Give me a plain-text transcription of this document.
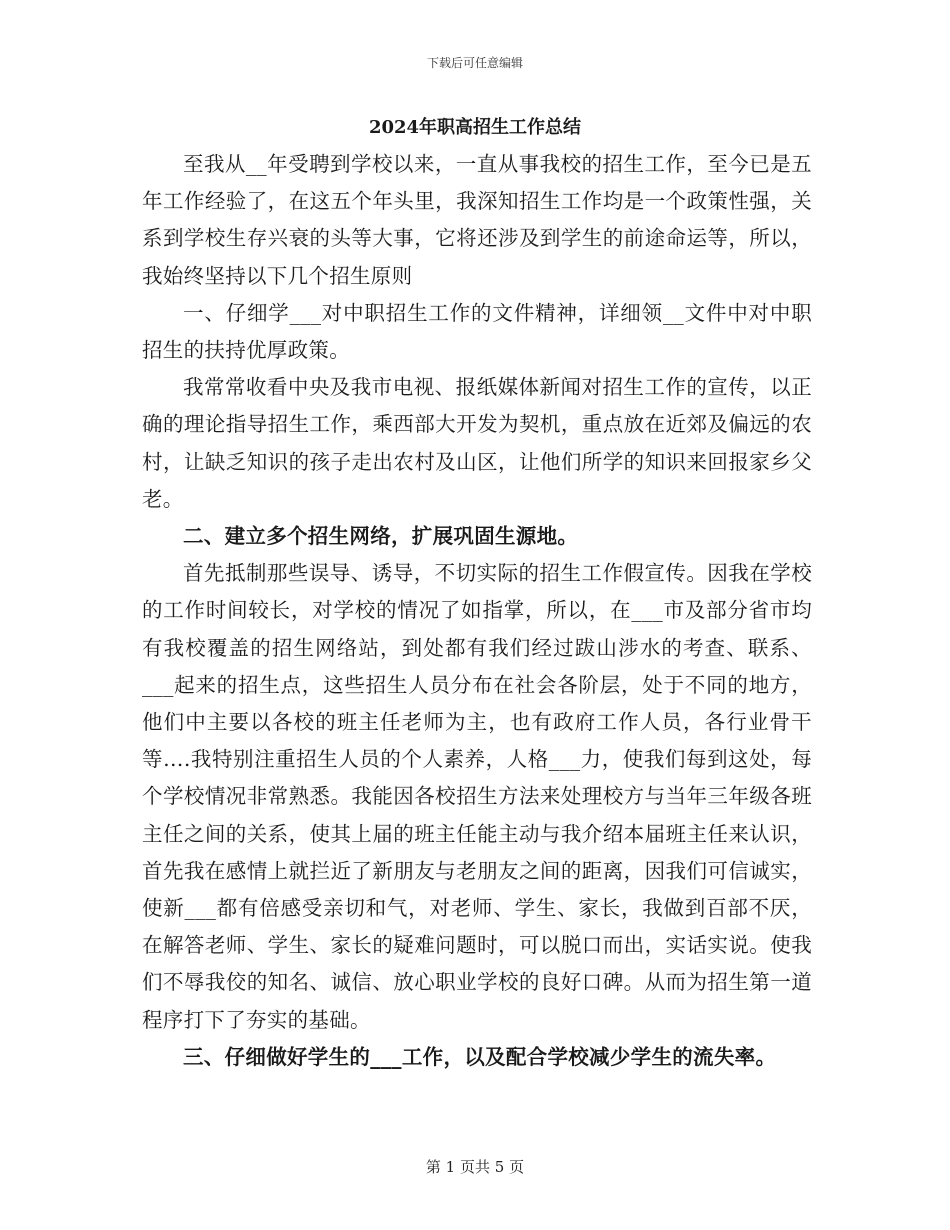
下载后可任意编辑
2024年职高招生工作总结

至我从__年受聘到学校以来，一直从事我校的招生工作，至今已是五年工作经验了，在这五个年头里，我深知招生工作均是一个政策性强，关系到学校生存兴衰的头等大事，它将还涉及到学生的前途命运等，所以，我始终坚持以下几个招生原则

一、仔细学___对中职招生工作的文件精神，详细领__文件中对中职招生的扶持优厚政策。

我常常收看中央及我市电视、报纸媒体新闻对招生工作的宣传，以正确的理论指导招生工作，乘西部大开发为契机，重点放在近郊及偏远的农村，让缺乏知识的孩子走出农村及山区，让他们所学的知识来回报家乡父老。

二、建立多个招生网络，扩展巩固生源地。

首先抵制那些误导、诱导，不切实际的招生工作假宣传。因我在学校的工作时间较长，对学校的情况了如指掌，所以，在___市及部分省市均有我校覆盖的招生网络站，到处都有我们经过跋山涉水的考查、联系、___起来的招生点，这些招生人员分布在社会各阶层，处于不同的地方，他们中主要以各校的班主任老师为主，也有政府工作人员，各行业骨干等….我特别注重招生人员的个人素养，人格___力，使我们每到这处，每个学校情况非常熟悉。我能因各校招生方法来处理校方与当年三年级各班主任之间的关系，使其上届的班主任能主动与我介绍本届班主任来认识，首先我在感情上就拦近了新朋友与老朋友之间的距离，因我们可信诚实，使新___都有倍感受亲切和气，对老师、学生、家长，我做到百部不厌，在解答老师、学生、家长的疑难问题时，可以脱口而出，实话实说。使我们不辱我佼的知名、诚信、放心职业学校的良好口碑。从而为招生第一道程序打下了夯实的基础。

三、仔细做好学生的___工作，以及配合学校减少学生的流失率。

第 1 页共 5 页
